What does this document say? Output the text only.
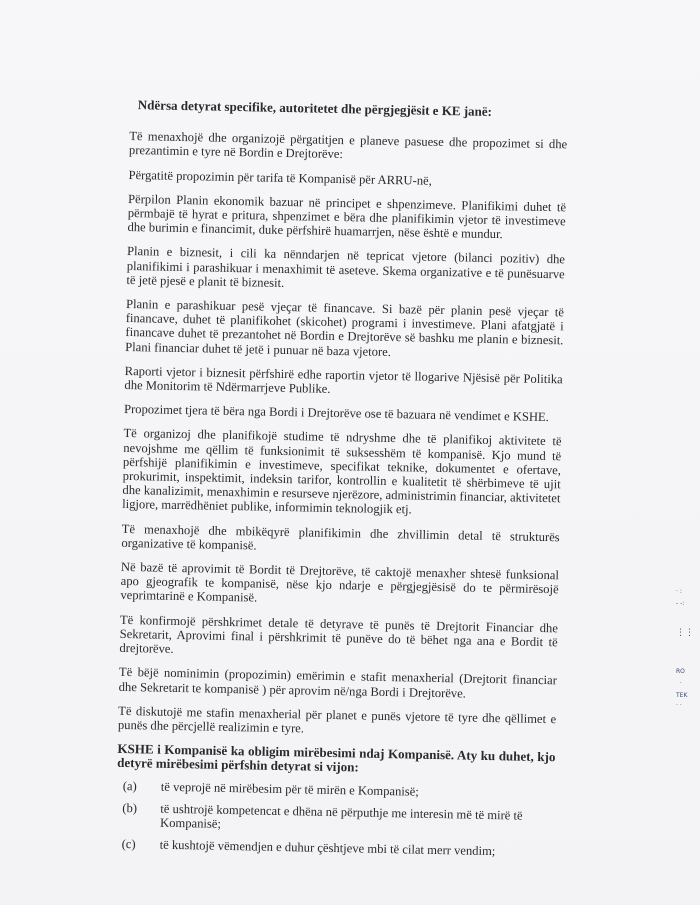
Ndërsa detyrat specifike, autoritetet dhe përgjegjësit e KE janë:
Të menaxhojë dhe organizojë përgatitjen e planeve pasuese dhe propozimet si dhe prezantimin e tyre në Bordin e Drejtorëve:
Përgatitë propozimin për tarifa të Kompanisë për ARRU-në,
Përpilon Planin ekonomik bazuar në principet e shpenzimeve. Planifikimi duhet të përmbajë të hyrat e pritura, shpenzimet e bëra dhe planifikimin vjetor të investimeve dhe burimin e financimit, duke përfshirë huamarrjen, nëse është e mundur.
Planin e biznesit, i cili ka nënndarjen në tepricat vjetore (bilanci pozitiv) dhe planifikimi i parashikuar i menaxhimit të aseteve. Skema organizative e të punësuarve të jetë pjesë e planit të biznesit.
Planin e parashikuar pesë vjeçar të financave. Si bazë për planin pesë vjeçar të financave, duhet të planifikohet (skicohet) programi i investimeve. Plani afatgjatë i financave duhet të prezantohet në Bordin e Drejtorëve së bashku me planin e biznesit. Plani financiar duhet të jetë i punuar në baza vjetore.
Raporti vjetor i biznesit përfshirë edhe raportin vjetor të llogarive Njësisë për Politika dhe Monitorim të Ndërmarrjeve Publike.
Propozimet tjera të bëra nga Bordi i Drejtorëve ose të bazuara në vendimet e KSHE.
Të organizoj dhe planifikojë studime të ndryshme dhe të planifikoj aktivitete të nevojshme me qëllim të funksionimit të suksesshëm të kompanisë. Kjo mund të përfshijë planifikimin e investimeve, specifikat teknike, dokumentet e ofertave, prokurimit, inspektimit, indeksin tarifor, kontrollin e kualitetit të shërbimeve të ujit dhe kanalizimit, menaxhimin e resurseve njerëzore, administrimin financiar, aktivitetet ligjore, marrëdhëniet publike, informimin teknologjik etj.
Të menaxhojë dhe mbikëqyrë planifikimin dhe zhvillimin detal të strukturës organizative të kompanisë.
Në bazë të aprovimit të Bordit të Drejtorëve, të caktojë menaxher shtesë funksional apo gjeografik te kompanisë, nëse kjo ndarje e përgjegjësisë do te përmirësojë veprimtarinë e Kompanisë.
Të konfirmojë përshkrimet detale të detyrave të punës të Drejtorit Financiar dhe Sekretarit, Aprovimi final i përshkrimit të punëve do të bëhet nga ana e Bordit të drejtorëve.
Të bëjë nominimin (propozimin) emërimin e stafit menaxherial (Drejtorit financiar dhe Sekretarit te kompanisë ) për aprovim në/nga Bordi i Drejtorëve.
Të diskutojë me stafin menaxherial për planet e punës vjetore të tyre dhe qëllimet e punës dhe përcjellë realizimin e tyre.
KSHE i Kompanisë ka obligim mirëbesimi ndaj Kompanisë. Aty ku duhet, kjo detyrë mirëbesimi përfshin detyrat si vijon:
(a)	të veprojë në mirëbesim për të mirën e Kompanisë;
(b)	të ushtrojë kompetencat e dhëna në përputhje me interesin më të mirë të Kompanisë;
(c)	të kushtojë vëmendjen e duhur çështjeve mbi të cilat merr vendim;
· :
- -:
⋮⋮
RO
·
TEK
· ·
